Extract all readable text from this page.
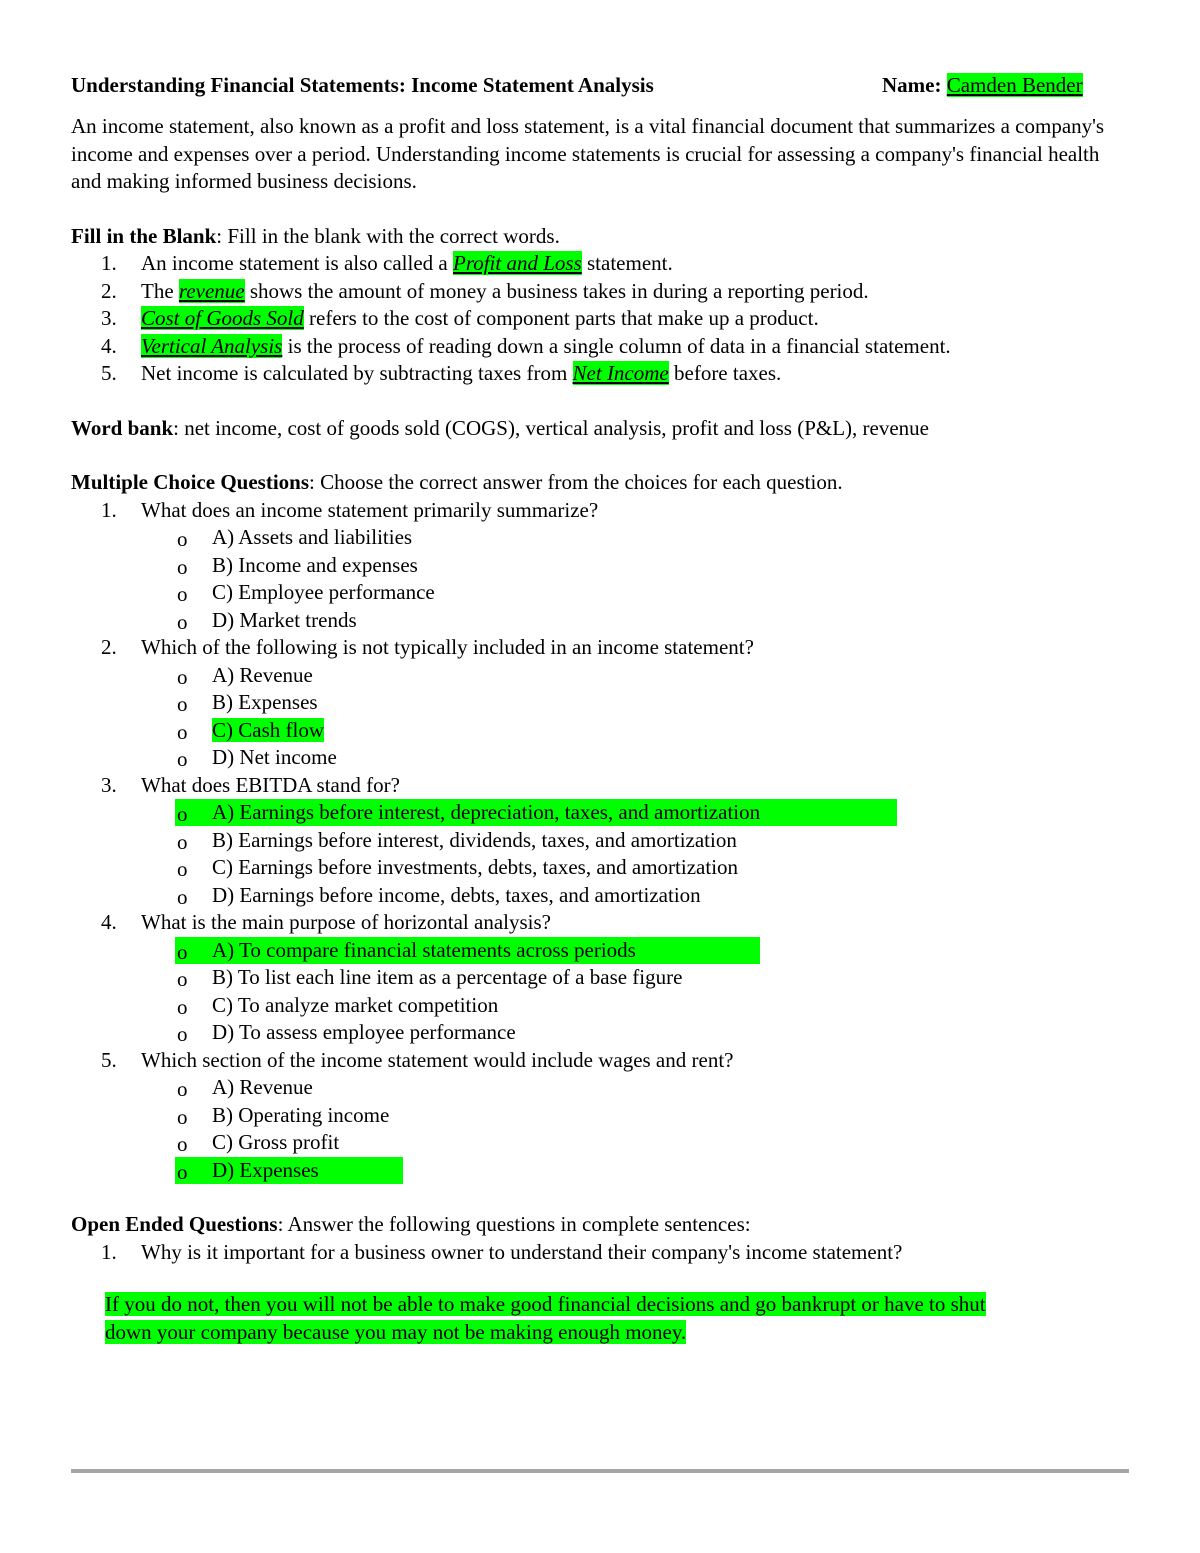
Understanding Financial Statements: Income Statement Analysis	Name: Camden Bender

An income statement, also known as a profit and loss statement, is a vital financial document that summarizes a company's income and expenses over a period. Understanding income statements is crucial for assessing a company's financial health and making informed business decisions.

Fill in the Blank: Fill in the blank with the correct words.

1. An income statement is also called a Profit and Loss statement.
2. The revenue shows the amount of money a business takes in during a reporting period.
3. Cost of Goods Sold refers to the cost of component parts that make up a product.
4. Vertical Analysis is the process of reading down a single column of data in a financial statement.
5. Net income is calculated by subtracting taxes from Net Income before taxes.

Word bank: net income, cost of goods sold (COGS), vertical analysis, profit and loss (P&L), revenue

Multiple Choice Questions: Choose the correct answer from the choices for each question.

1. What does an income statement primarily summarize?
o A) Assets and liabilities
o B) Income and expenses
o C) Employee performance
o D) Market trends
2. Which of the following is not typically included in an income statement?
o A) Revenue
o B) Expenses
o C) Cash flow
o D) Net income
3. What does EBITDA stand for?
o A) Earnings before interest, depreciation, taxes, and amortization
o B) Earnings before interest, dividends, taxes, and amortization
o C) Earnings before investments, debts, taxes, and amortization
o D) Earnings before income, debts, taxes, and amortization
4. What is the main purpose of horizontal analysis?
o A) To compare financial statements across periods
o B) To list each line item as a percentage of a base figure
o C) To analyze market competition
o D) To assess employee performance
5. Which section of the income statement would include wages and rent?
o A) Revenue
o B) Operating income
o C) Gross profit
o D) Expenses

Open Ended Questions: Answer the following questions in complete sentences:

1. Why is it important for a business owner to understand their company's income statement?
If you do not, then you will not be able to make good financial decisions and go bankrupt or have to shut
down your company because you may not be making enough money.
